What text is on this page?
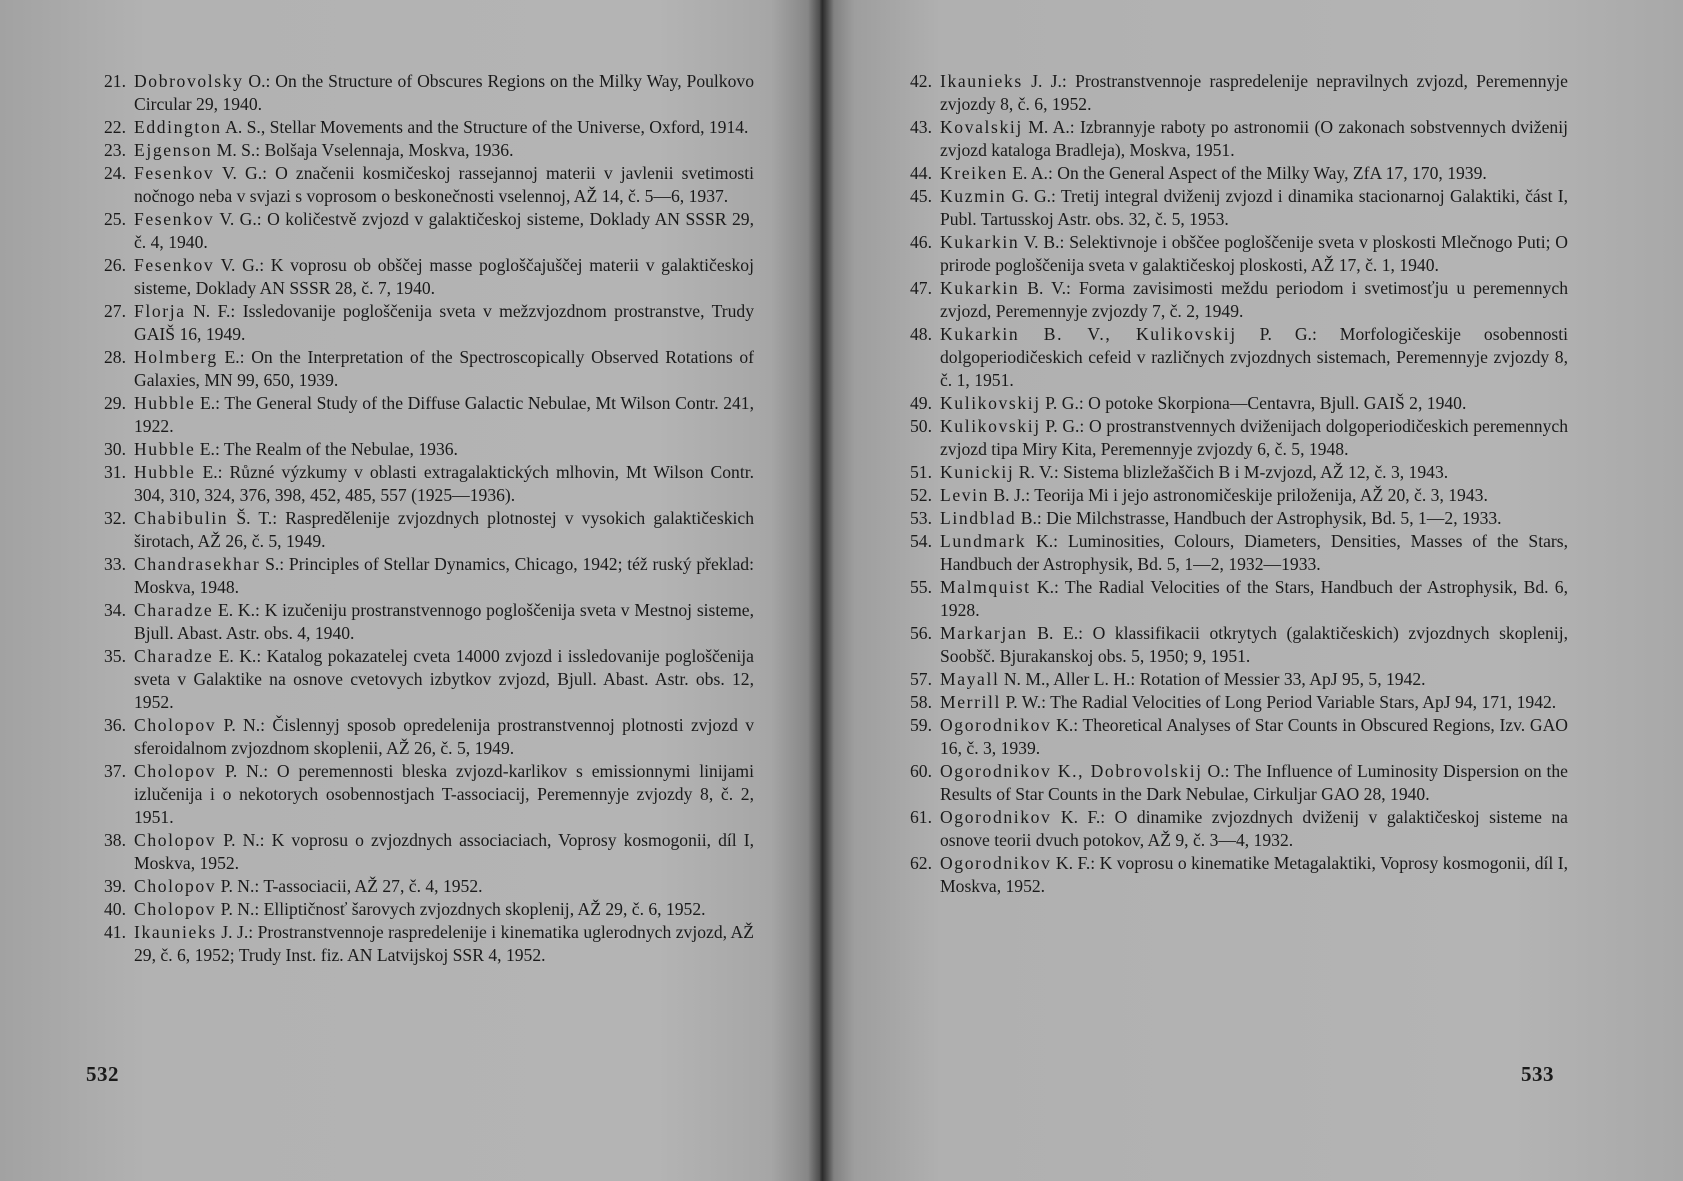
21. Dobrovolsky O.: On the Structure of Obscures Regions on the Milky Way, Poulkovo Circular 29, 1940.
22. Eddington A. S., Stellar Movements and the Structure of the Universe, Oxford, 1914.
23. Ejgenson M. S.: Bolšaja Vselennaja, Moskva, 1936.
24. Fesenkov V. G.: O značenii kosmičeskoj rassejannoj materii v javlenii svetimosti nočnogo neba v svjazi s voprosom o beskonečnosti vselennoj, AŽ 14, č. 5—6, 1937.
25. Fesenkov V. G.: O količestvě zvjozd v galaktičeskoj sisteme, Doklady AN SSSR 29, č. 4, 1940.
26. Fesenkov V. G.: K voprosu ob obščej masse pogloščajuščej materii v galaktičeskoj sisteme, Doklady AN SSSR 28, č. 7, 1940.
27. Florja N. F.: Issledovanije pogloščenija sveta v mežzvjozdnom prostranstve, Trudy GAIŠ 16, 1949.
28. Holmberg E.: On the Interpretation of the Spectroscopically Observed Rotations of Galaxies, MN 99, 650, 1939.
29. Hubble E.: The General Study of the Diffuse Galactic Nebulae, Mt Wilson Contr. 241, 1922.
30. Hubble E.: The Realm of the Nebulae, 1936.
31. Hubble E.: Různé výzkumy v oblasti extragalaktických mlhovin, Mt Wilson Contr. 304, 310, 324, 376, 398, 452, 485, 557 (1925—1936).
32. Chabibulin Š. T.: Raspredělenije zvjozdnych plotnostej v vysokich galaktičeskich širotach, AŽ 26, č. 5, 1949.
33. Chandrasekhar S.: Principles of Stellar Dynamics, Chicago, 1942; též ruský překlad: Moskva, 1948.
34. Charadze E. K.: K izučeniju prostranstvennogo pogloščenija sveta v Mestnoj sisteme, Bjull. Abast. Astr. obs. 4, 1940.
35. Charadze E. K.: Katalog pokazatelej cveta 14000 zvjozd i issledovanije pogloščenija sveta v Galaktike na osnove cvetovych izbytkov zvjozd, Bjull. Abast. Astr. obs. 12, 1952.
36. Cholopov P. N.: Čislennyj sposob opredelenija prostranstvennoj plotnosti zvjozd v sferoidalnom zvjozdnom skoplenii, AŽ 26, č. 5, 1949.
37. Cholopov P. N.: O peremennosti bleska zvjozd-karlikov s emissionnymi linijami izlučenija i o nekotorych osobennostjach T-associacij, Peremennyje zvjozdy 8, č. 2, 1951.
38. Cholopov P. N.: K voprosu o zvjozdnych associaciach, Voprosy kosmogonii, díl I, Moskva, 1952.
39. Cholopov P. N.: T-associacii, AŽ 27, č. 4, 1952.
40. Cholopov P. N.: Elliptičnosť šarovych zvjozdnych skoplenij, AŽ 29, č. 6, 1952.
41. Ikaunieks J. J.: Prostranstvennoje raspredelenije i kinematika uglerodnych zvjozd, AŽ 29, č. 6, 1952; Trudy Inst. fiz. AN Latvijskoj SSR 4, 1952.
532
42. Ikaunieks J. J.: Prostranstvennoje raspredelenije nepravilnych zvjozd, Peremennyje zvjozdy 8, č. 6, 1952.
43. Kovalskij M. A.: Izbrannyje raboty po astronomii (O zakonach sobstvennych dviženij zvjozd kataloga Bradleja), Moskva, 1951.
44. Kreiken E. A.: On the General Aspect of the Milky Way, ZfA 17, 170, 1939.
45. Kuzmin G. G.: Tretij integral dviženij zvjozd i dinamika stacionarnoj Galaktiki, část I, Publ. Tartusskoj Astr. obs. 32, č. 5, 1953.
46. Kukarkin V. B.: Selektivnoje i obščee pogloščenije sveta v ploskosti Mlečnogo Puti; O prirode pogloščenija sveta v galaktičeskoj ploskosti, AŽ 17, č. 1, 1940.
47. Kukarkin B. V.: Forma zavisimosti meždu periodom i svetimosťju u peremennych zvjozd, Peremennyje zvjozdy 7, č. 2, 1949.
48. Kukarkin B. V., Kulikovskij P. G.: Morfologičeskije osobennosti dolgoperiodičeskich cefeid v različnych zvjozdnych sistemach, Peremennyje zvjozdy 8, č. 1, 1951.
49. Kulikovskij P. G.: O potoke Skorpiona—Centavra, Bjull. GAIŠ 2, 1940.
50. Kulikovskij P. G.: O prostranstvennych dviženijach dolgoperiodičeskich peremennych zvjozd tipa Miry Kita, Peremennyje zvjozdy 6, č. 5, 1948.
51. Kunickij R. V.: Sistema blizležaščich B i M-zvjozd, AŽ 12, č. 3, 1943.
52. Levin B. J.: Teorija Mi i jejo astronomičeskije priloženija, AŽ 20, č. 3, 1943.
53. Lindblad B.: Die Milchstrasse, Handbuch der Astrophysik, Bd. 5, 1—2, 1933.
54. Lundmark K.: Luminosities, Colours, Diameters, Densities, Masses of the Stars, Handbuch der Astrophysik, Bd. 5, 1—2, 1932—1933.
55. Malmquist K.: The Radial Velocities of the Stars, Handbuch der Astrophysik, Bd. 6, 1928.
56. Markarjan B. E.: O klassifikacii otkrytych (galaktičeskich) zvjozdnych skoplenij, Soobšč. Bjurakanskoj obs. 5, 1950; 9, 1951.
57. Mayall N. M., Aller L. H.: Rotation of Messier 33, ApJ 95, 5, 1942.
58. Merrill P. W.: The Radial Velocities of Long Period Variable Stars, ApJ 94, 171, 1942.
59. Ogorodnikov K.: Theoretical Analyses of Star Counts in Obscured Regions, Izv. GAO 16, č. 3, 1939.
60. Ogorodnikov K., Dobrovolskij O.: The Influence of Luminosity Dispersion on the Results of Star Counts in the Dark Nebulae, Cirkuljar GAO 28, 1940.
61. Ogorodnikov K. F.: O dinamike zvjozdnych dviženij v galaktičeskoj sisteme na osnove teorii dvuch potokov, AŽ 9, č. 3—4, 1932.
62. Ogorodnikov K. F.: K voprosu o kinematike Metagalaktiki, Voprosy kosmogonii, díl I, Moskva, 1952.
533
